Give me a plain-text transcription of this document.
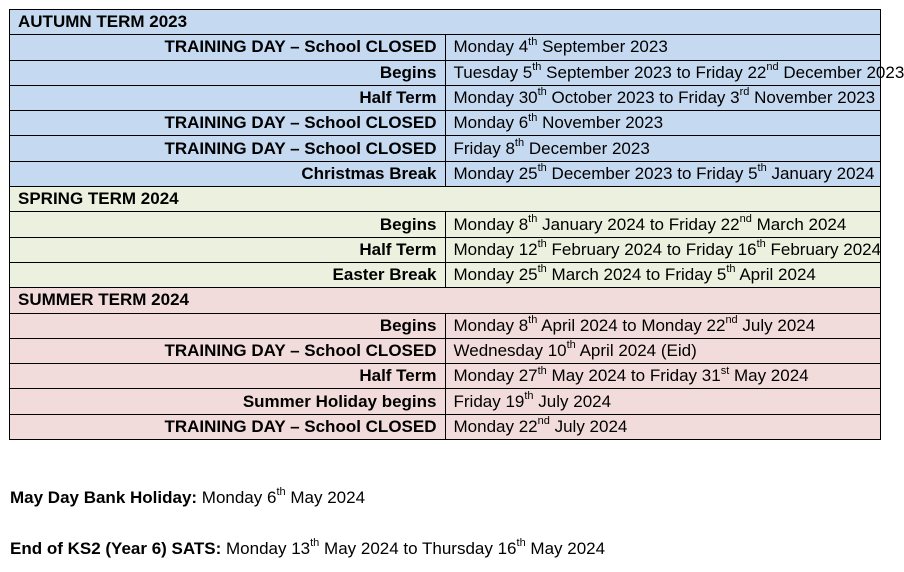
AUTUMN TERM 2023	
TRAINING DAY – School CLOSED	Monday 4th September 2023
Begins	Tuesday 5th September 2023 to Friday 22nd December 2023
Half Term	Monday 30th October 2023 to Friday 3rd November 2023
TRAINING DAY – School CLOSED	Monday 6th November 2023
TRAINING DAY – School CLOSED	Friday 8th December 2023
Christmas Break	Monday 25th December 2023 to Friday 5th January 2024
SPRING TERM 2024	
Begins	Monday 8th January 2024 to Friday 22nd March 2024
Half Term	Monday 12th February 2024 to Friday 16th February 2024
Easter Break	Monday 25th March 2024 to Friday 5th April 2024
SUMMER TERM 2024	
Begins	Monday 8th April 2024 to Monday 22nd July 2024
TRAINING DAY – School CLOSED	Wednesday 10th April 2024 (Eid)
Half Term	Monday 27th May 2024 to Friday 31st May 2024
Summer Holiday begins	Friday 19th July 2024
TRAINING DAY – School CLOSED	Monday 22nd July 2024
May Day Bank Holiday: Monday 6th May 2024
End of KS2 (Year 6) SATS: Monday 13th May 2024 to Thursday 16th May 2024
